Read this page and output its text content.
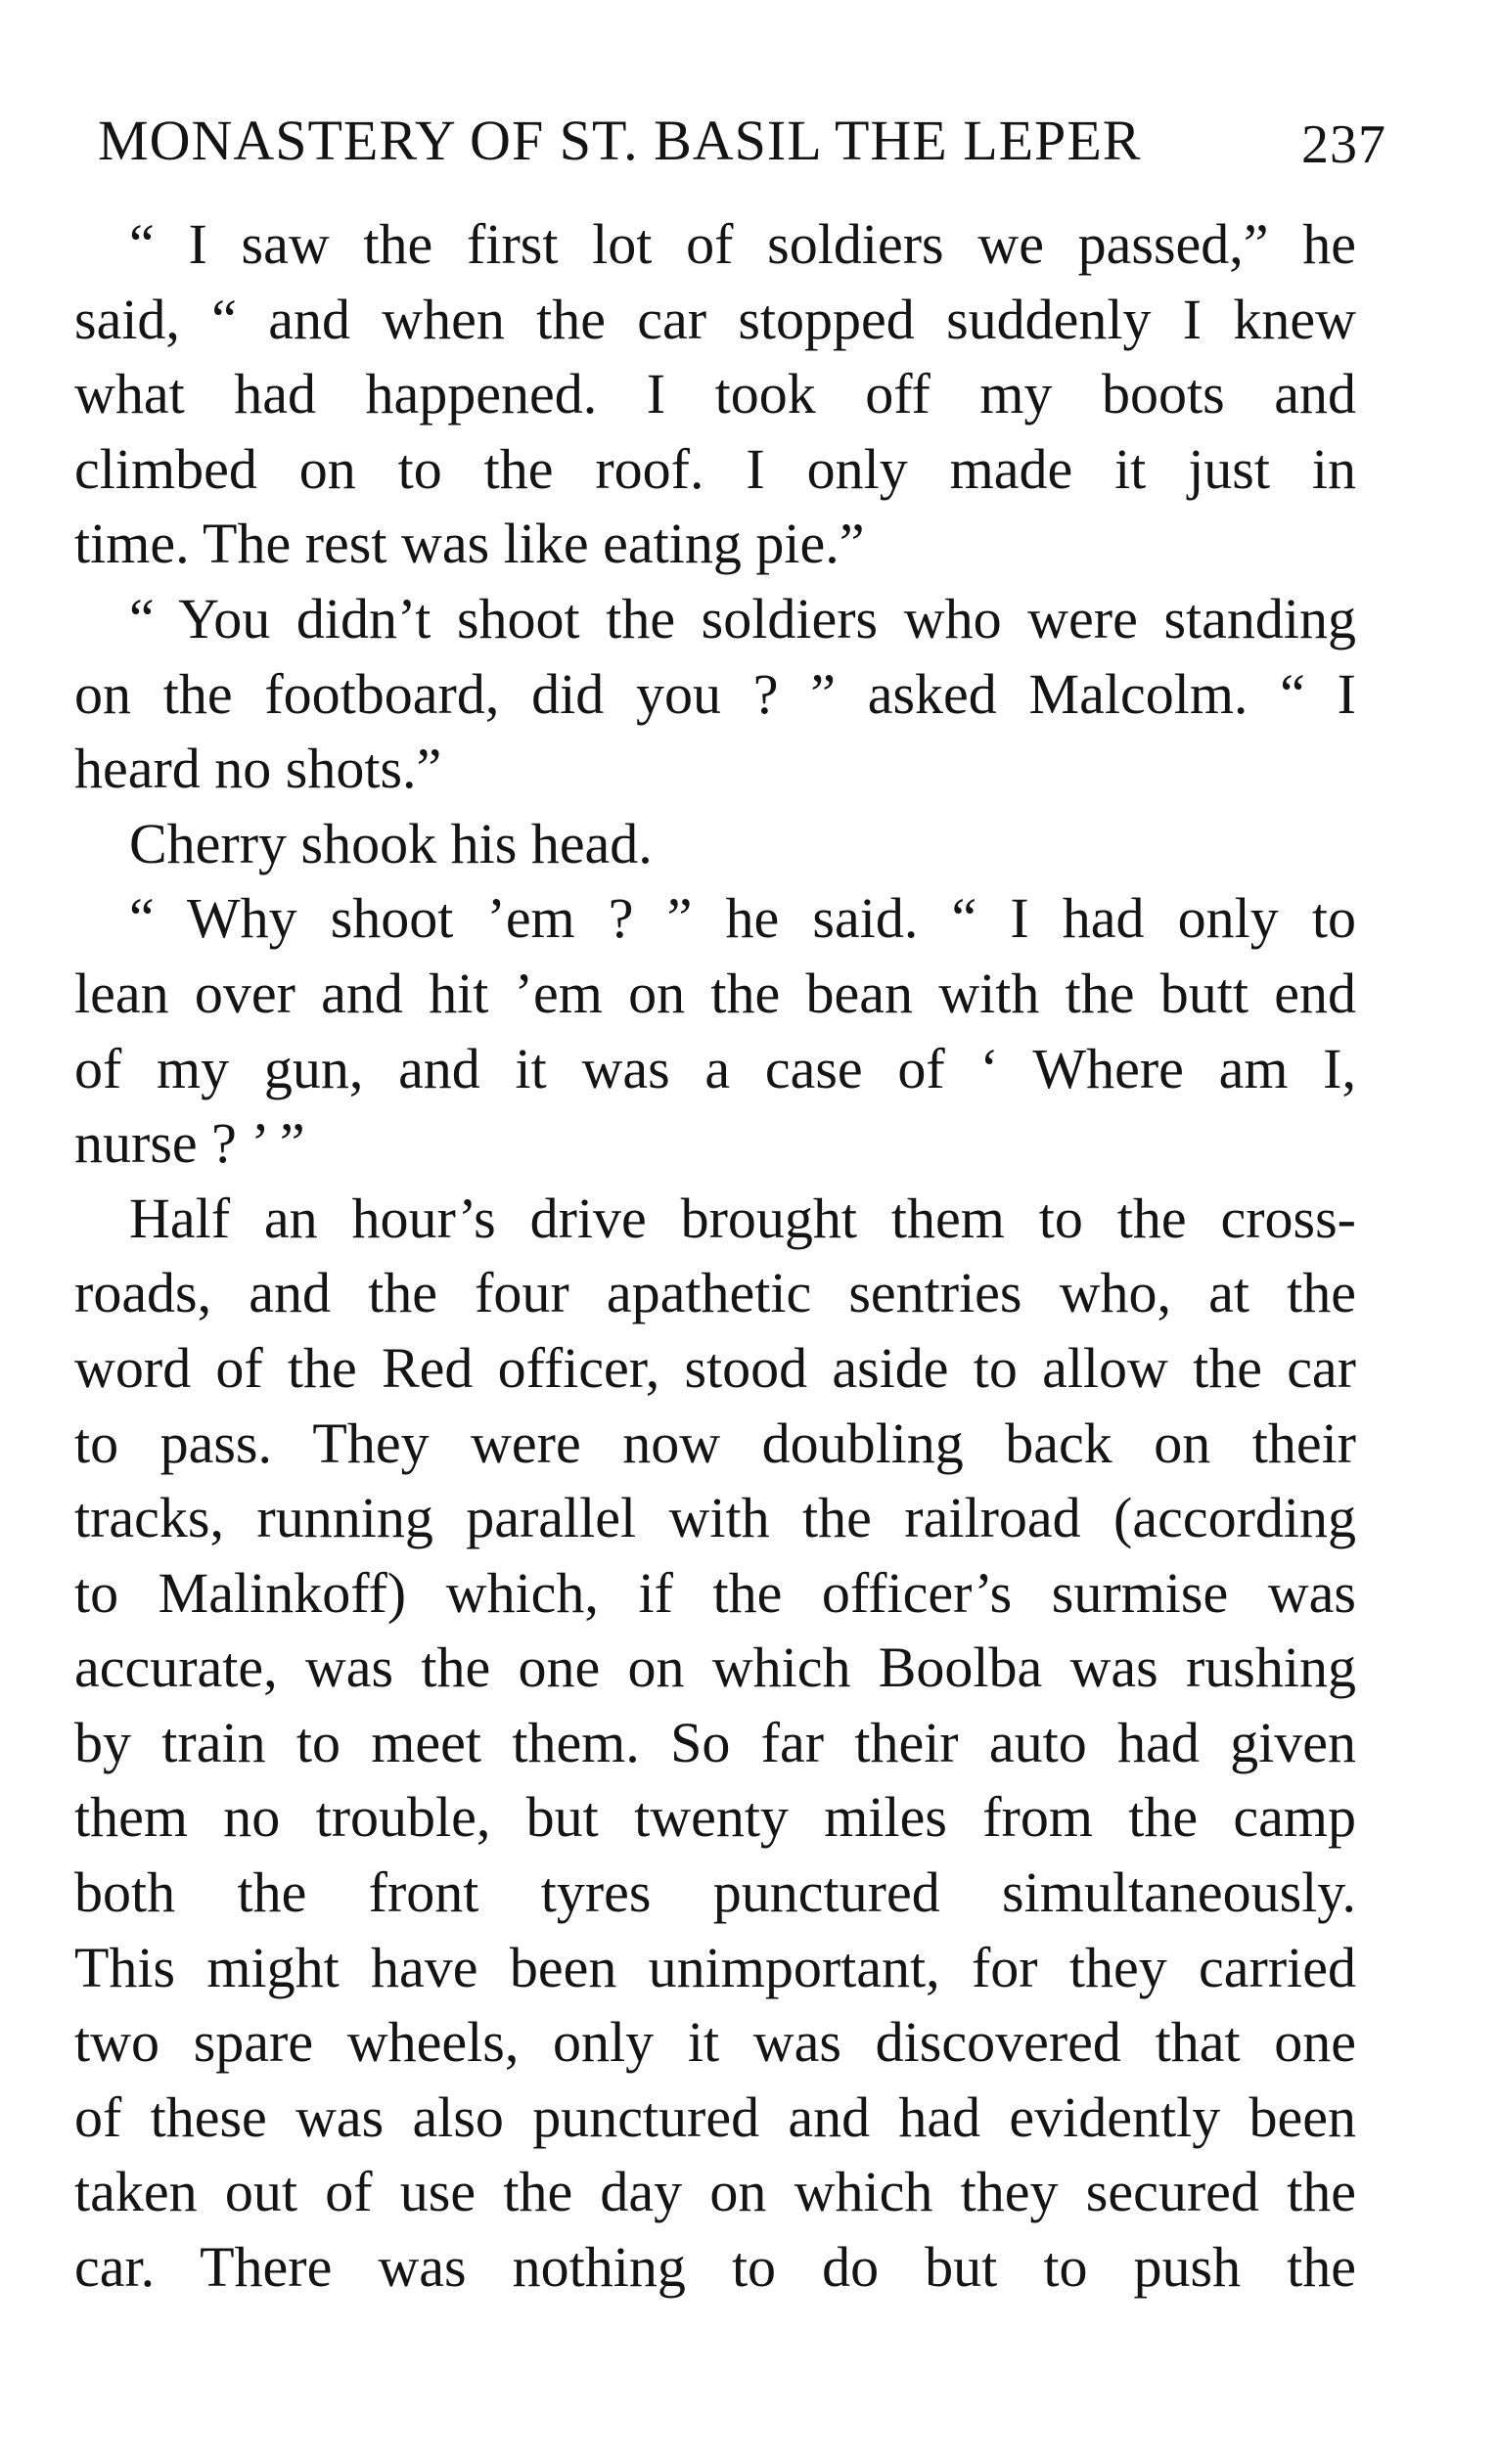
MONASTERY OF ST. BASIL THE LEPER	237
“ I saw the first lot of soldiers we passed,” he
said, “ and when the car stopped suddenly I knew
what had happened. I took off my boots and
climbed on to the roof. I only made it just in
time. The rest was like eating pie.”
“ You didn’t shoot the soldiers who were standing
on the footboard, did you ? ” asked Malcolm. “ I
heard no shots.”
Cherry shook his head.
“ Why shoot ’em ? ” he said. “ I had only to
lean over and hit ’em on the bean with the butt end
of my gun, and it was a case of ‘ Where am I,
nurse ? ’ ”
Half an hour’s drive brought them to the cross-
roads, and the four apathetic sentries who, at the
word of the Red officer, stood aside to allow the car
to pass. They were now doubling back on their
tracks, running parallel with the railroad (according
to Malinkoff) which, if the officer’s surmise was
accurate, was the one on which Boolba was rushing
by train to meet them. So far their auto had given
them no trouble, but twenty miles from the camp
both the front tyres punctured simultaneously.
This might have been unimportant, for they carried
two spare wheels, only it was discovered that one
of these was also punctured and had evidently been
taken out of use the day on which they secured the
car. There was nothing to do but to push the
